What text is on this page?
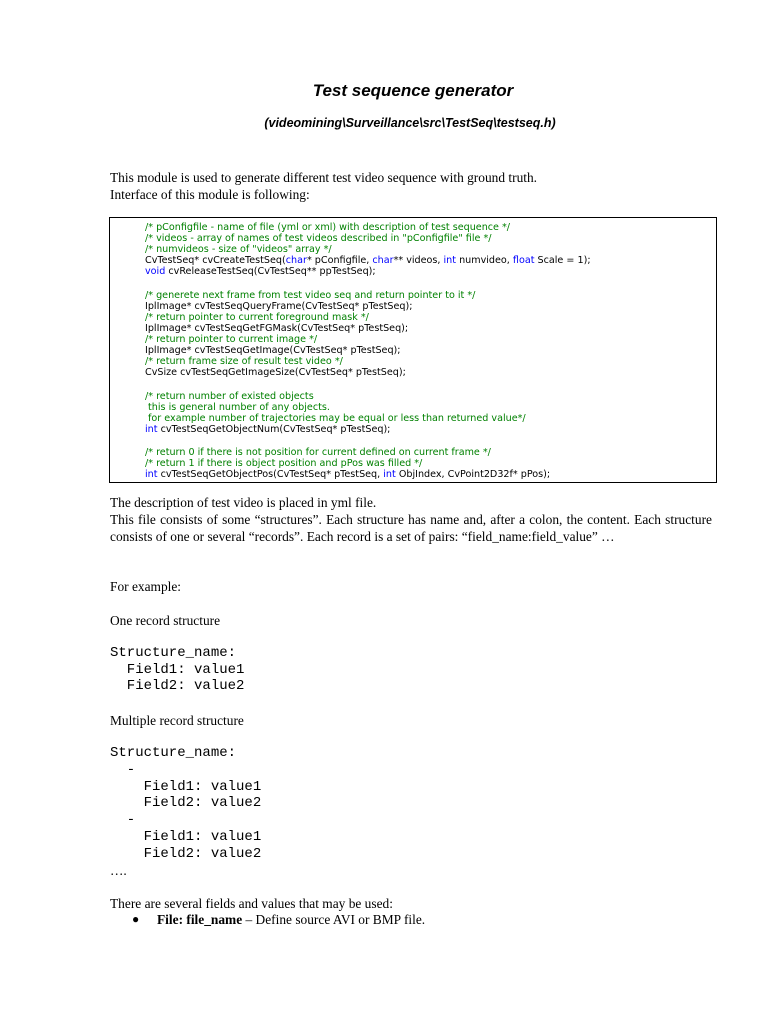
Test sequence generator
(videomining\Surveillance\src\TestSeq\testseq.h)
This module is used to generate different test video sequence with ground truth.
Interface of this module is following:
/* pConfigfile - name of file (yml or xml) with description of test sequence */
/* videos - array of names of test videos described in "pConfigfile" file */
/* numvideos - size of "videos" array */
CvTestSeq* cvCreateTestSeq(char* pConfigfile, char** videos, int numvideo, float Scale = 1);
void cvReleaseTestSeq(CvTestSeq** ppTestSeq);
/* generete next frame from test video seq and return pointer to it */
IplImage* cvTestSeqQueryFrame(CvTestSeq* pTestSeq);
/* return pointer to current foreground mask */
IplImage* cvTestSeqGetFGMask(CvTestSeq* pTestSeq);
/* return pointer to current image */
IplImage* cvTestSeqGetImage(CvTestSeq* pTestSeq);
/* return frame size of result test video */
CvSize cvTestSeqGetImageSize(CvTestSeq* pTestSeq);
/* return number of existed objects
this is general number of any objects.
for example number of trajectories may be equal or less than returned value*/
int cvTestSeqGetObjectNum(CvTestSeq* pTestSeq);
/* return 0 if there is not position for current defined on current frame */
/* return 1 if there is object position and pPos was filled */
int cvTestSeqGetObjectPos(CvTestSeq* pTestSeq, int ObjIndex, CvPoint2D32f* pPos);
The description of test video is placed in yml file.
This file consists of some “structures”. Each structure has name and, after a colon, the content. Each structure consists of one or several “records”. Each record is a set of pairs: “field_name:field_value” …
For example:
One record structure
Structure_name:
Field1: value1
Field2: value2
Multiple record structure
Structure_name:
-
Field1: value1
Field2: value2
-
Field1: value1
Field2: value2
….
There are several fields and values that may be used:
● File: file_name – Define source AVI or BMP file.
